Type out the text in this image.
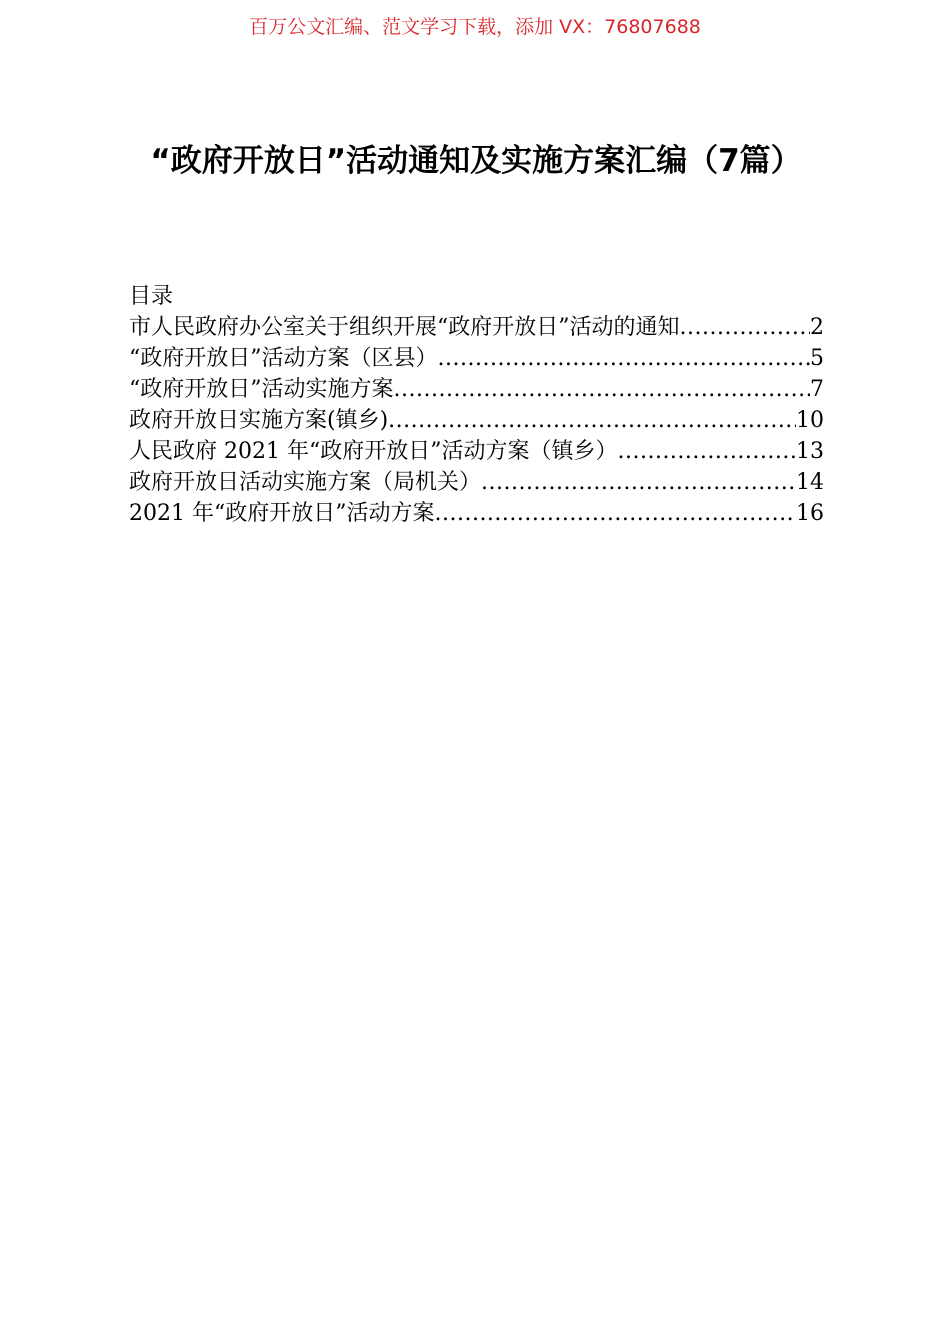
百万公文汇编、范文学习下载，添加 VX：76807688
“政府开放日”活动通知及实施方案汇编（7篇）

目录

市人民政府办公室关于组织开展“政府开放日”活动的通知 .....	2
“政府开放日”活动方案（区县） .....	5
“政府开放日”活动实施方案 .....	7
政府开放日实施方案(镇乡) .....	10
人民政府 2021 年“政府开放日”活动方案（镇乡） .....	13
政府开放日活动实施方案（局机关） .....	14
2021 年“政府开放日”活动方案 .....	16
